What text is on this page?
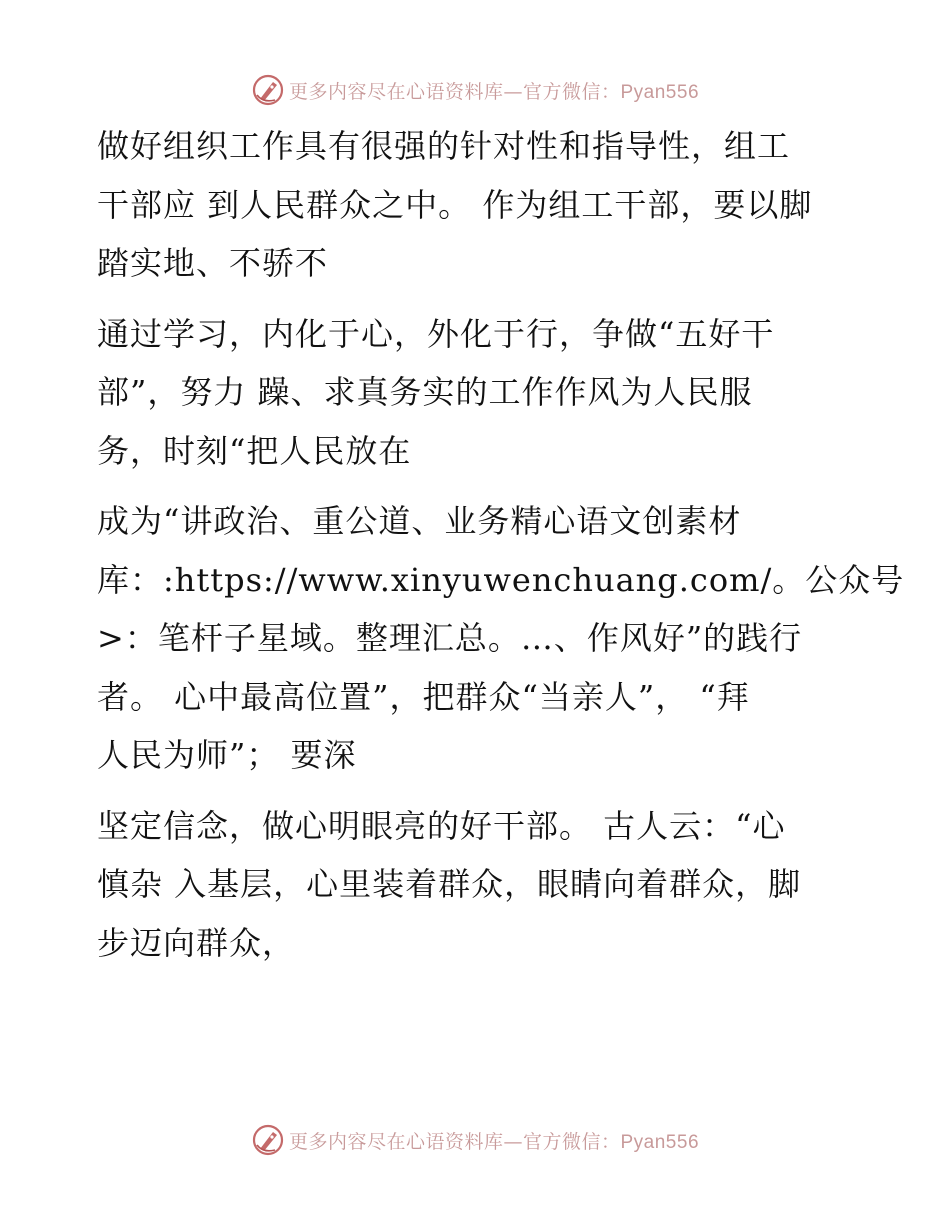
更多内容尽在心语资料库—官方微信：Pyan556
做好组织工作具有很强的针对性和指导性，组工
干部应 到人民群众之中。 作为组工干部，要以脚
踏实地、不骄不
通过学习，内化于心，外化于行，争做“五好干
部”，努力 躁、求真务实的工作作风为人民服
务，时刻“把人民放在
成为“讲政治、重公道、业务精心语文创素材
库：:https://www.xinyuwenchuang.com/。公众号
>：笔杆子星域。整理汇总。…、作风好”的践行
者。 心中最高位置”，把群众“当亲人”， “拜
人民为师”； 要深
坚定信念，做心明眼亮的好干部。 古人云：“心
慎杂 入基层，心里装着群众，眼睛向着群众，脚
步迈向群众，
更多内容尽在心语资料库—官方微信：Pyan556
